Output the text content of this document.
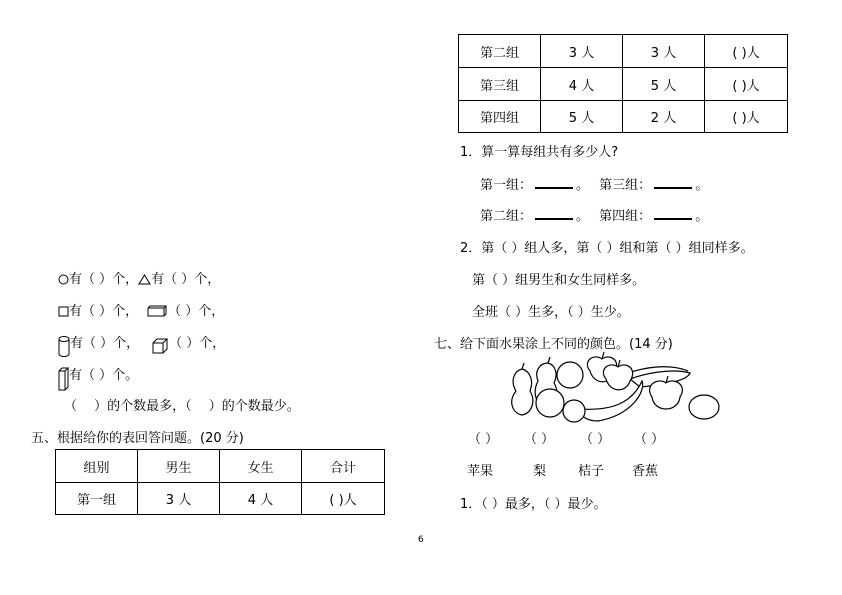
第二组	3 人	3 人	( )人
第三组	4 人	5 人	( )人
第四组	5 人	2 人	( )人
1．算一算每组共有多少人?
第一组：	。 第三组：	。
第二组：	。 第四组：	。
2．第（ ）组人多，第（ ）组和第（ ）组同样多。
第（ ）组男生和女生同样多。
全班（ ）生多，（ ）生少。
七、给下面水果涂上不同的颜色。(14 分)
（ ） （ ） （ ） （ ）
苹果	梨 桔子 香蕉
1．（ ）最多，（ ）最少。
有（ ）个， 有（ ）个，
有（ ）个， （ ）个，
有（ ）个， （ ）个，
有（ ）个。
（　 ）的个数最多，（　 ）的个数最少。
五、根据给你的表回答问题。(20 分)
组别	男生	女生	合计
第一组	3 人	4 人	( )人
6
